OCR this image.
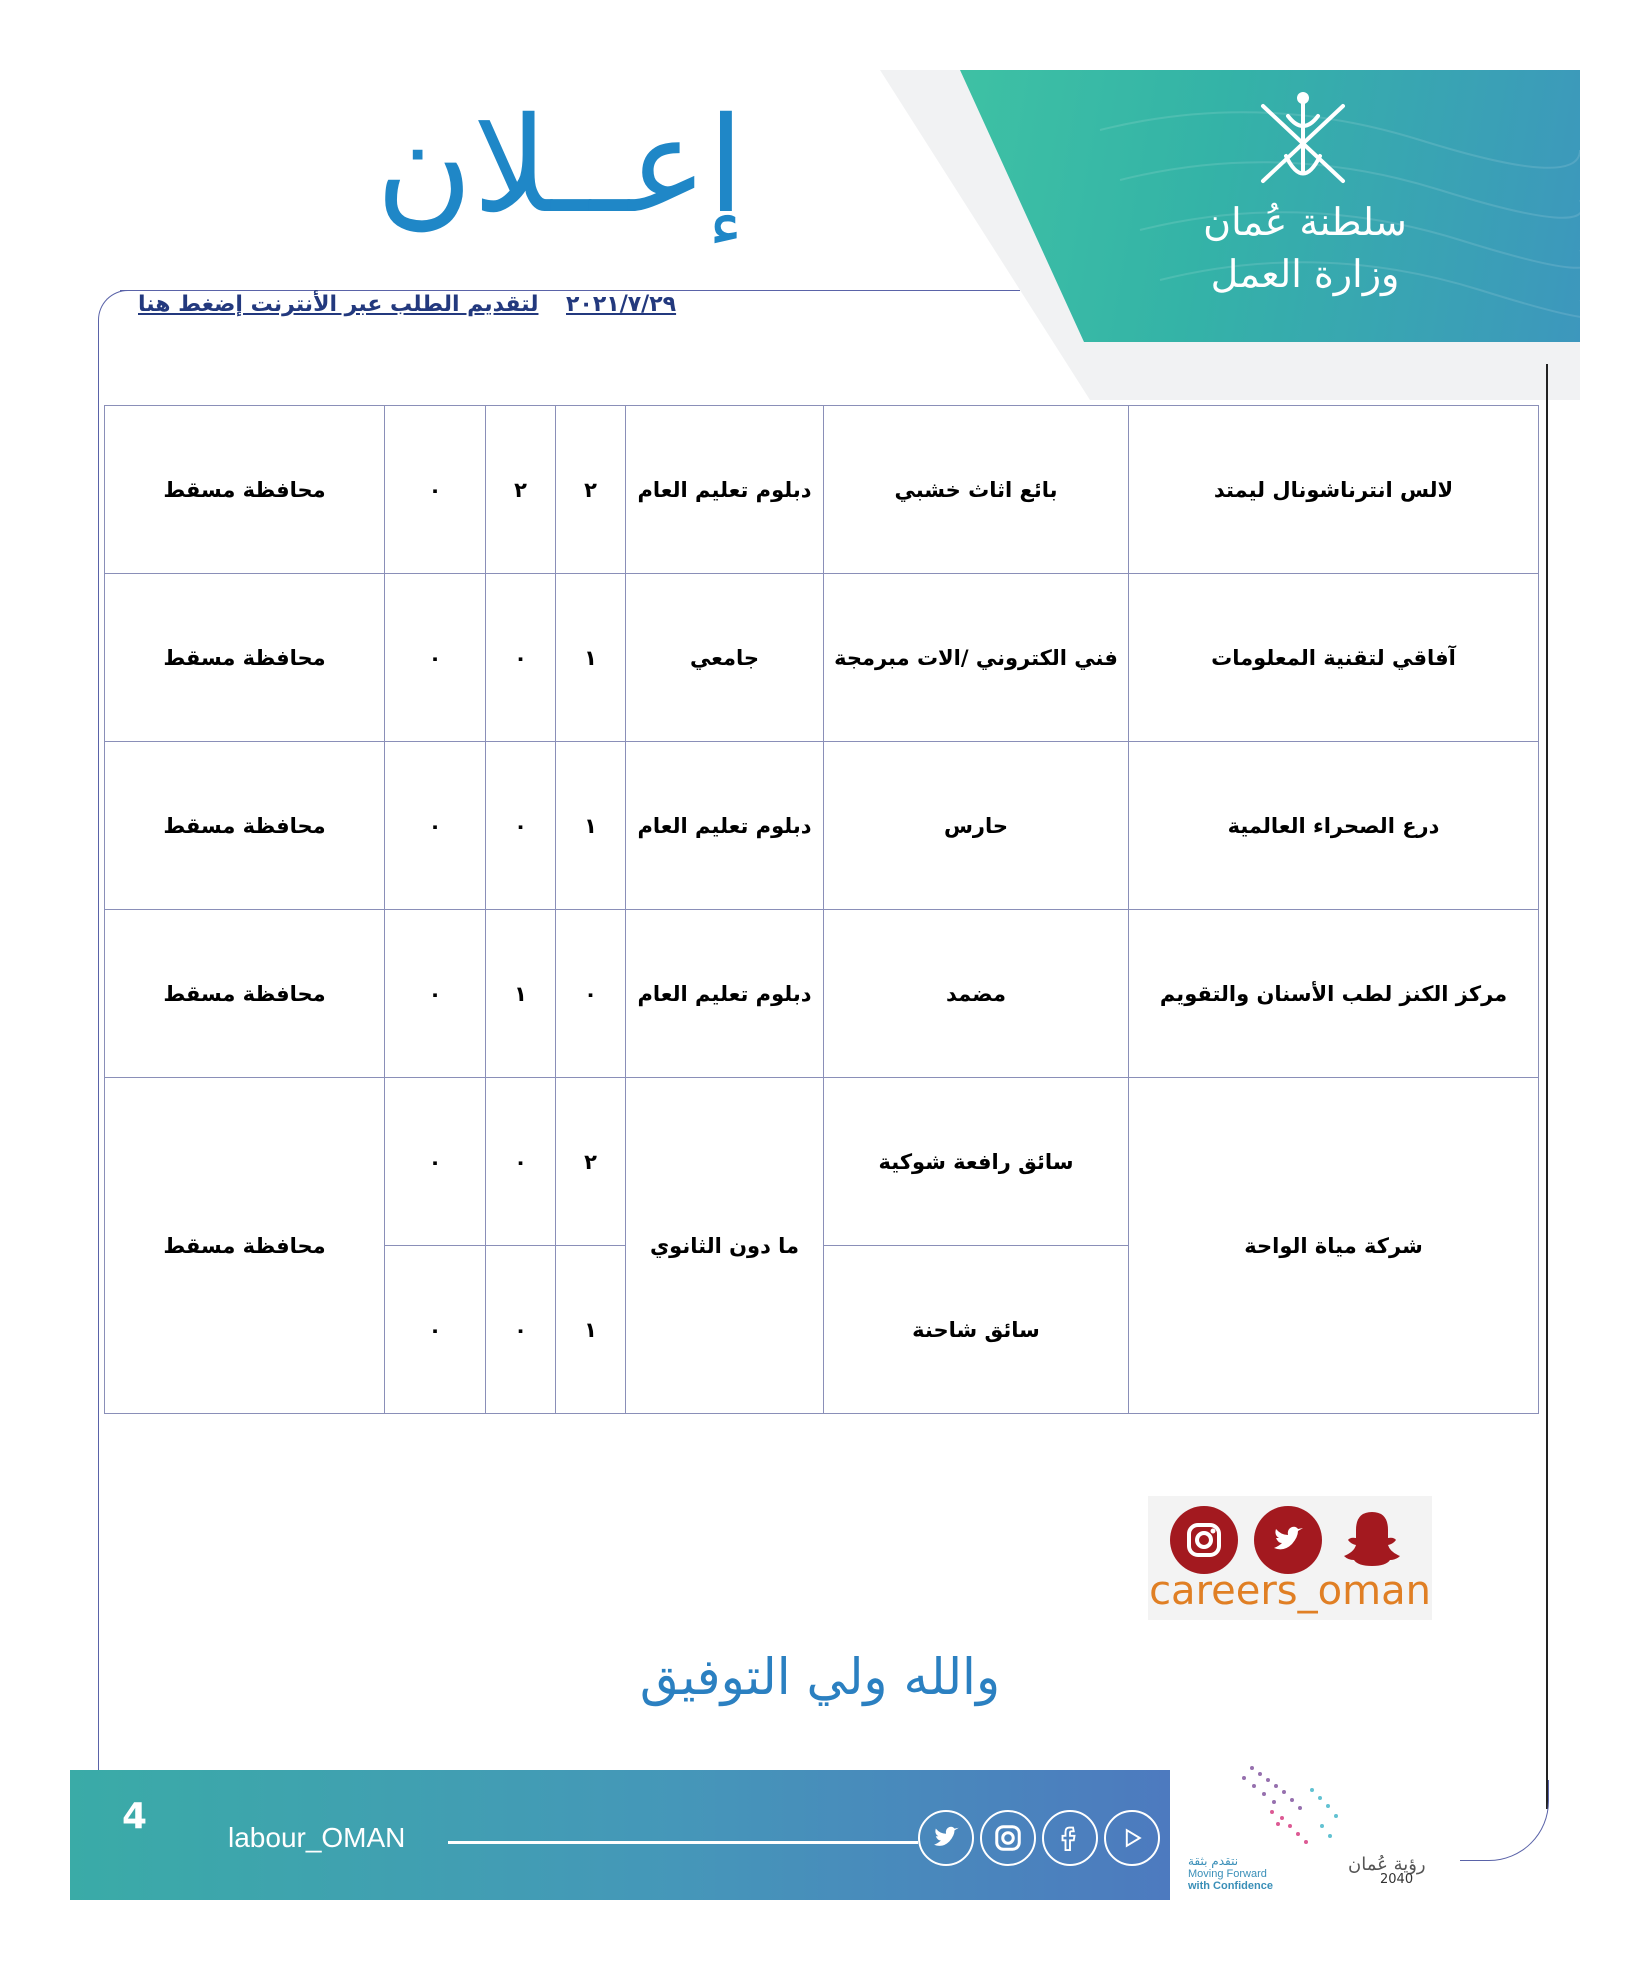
سلطنة عُمان
وزارة العمل
إعــلان
٢٠٢١/٧/٢٩
لتقديم الطلب عبر الأنترنت إضغط هنا
لالس انترناشونال ليمتد	بائع اثاث خشبي	دبلوم تعليم العام	٢	٢	٠	محافظة مسقط
آفاقي لتقنية المعلومات	فني الكتروني /الات مبرمجة	جامعي	١	٠	٠	محافظة مسقط
درع الصحراء العالمية	حارس	دبلوم تعليم العام	١	٠	٠	محافظة مسقط
مركز الكنز لطب الأسنان والتقويم	مضمد	دبلوم تعليم العام	٠	١	٠	محافظة مسقط
شركة مياة الواحة	سائق رافعة شوكية	ما دون الثانوي	٢	٠	٠	محافظة مسقط
	سائق شاحنة		١	٠	٠	
careers_oman
والله ولي التوفيق
4
labour_OMAN
رؤية عُمان
2040
نتقدم بثقة
Moving Forward
with Confidence
